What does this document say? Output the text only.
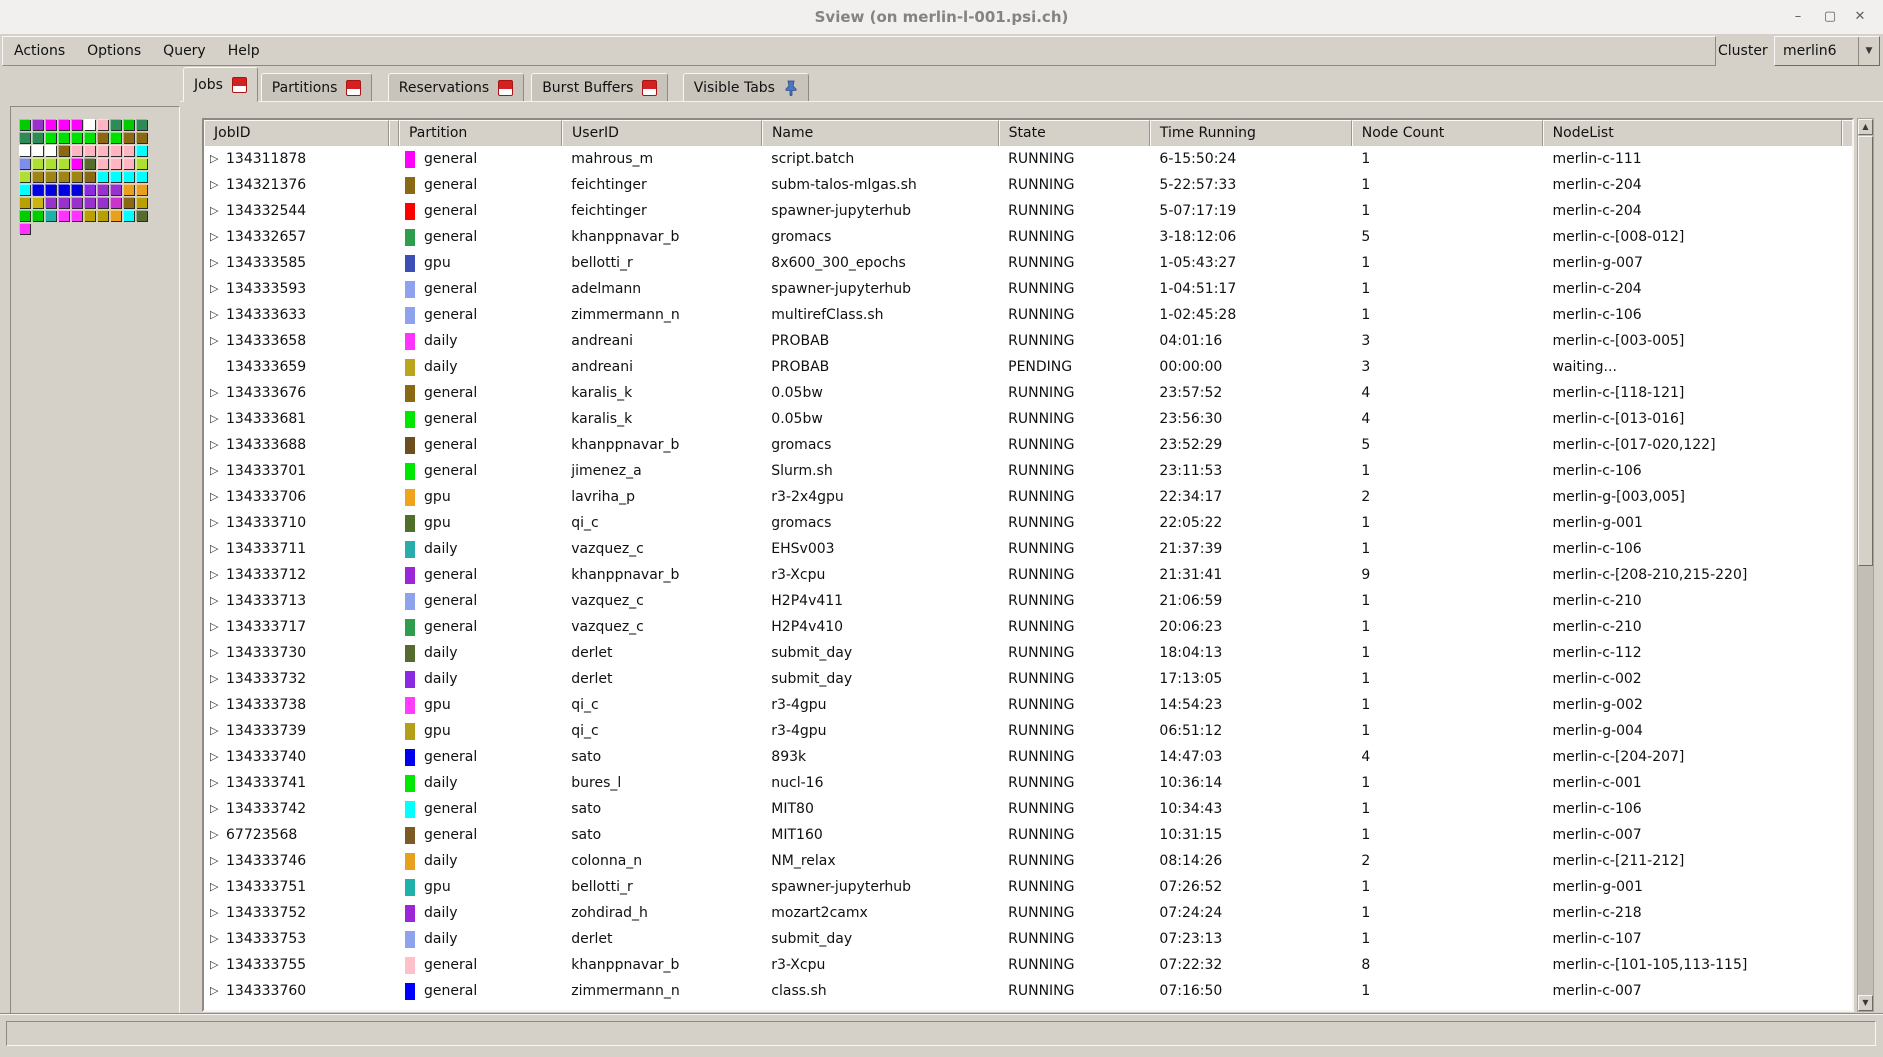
Sview (on merlin-l-001.psi.ch)	–	▢	✕
Actions	Options	Query	Help	Cluster	merlin6	▼
Jobs	Partitions	Reservations	Burst Buffers	Visible Tabs
JobID	Partition	UserID	Name	State	Time Running	Node Count	NodeList
▷ 134311878	general	mahrous_m	script.batch	RUNNING	6-15:50:24	1	merlin-c-111
▷ 134321376	general	feichtinger	subm-talos-mlgas.sh	RUNNING	5-22:57:33	1	merlin-c-204
▷ 134332544	general	feichtinger	spawner-jupyterhub	RUNNING	5-07:17:19	1	merlin-c-204
▷ 134332657	general	khanppnavar_b	gromacs	RUNNING	3-18:12:06	5	merlin-c-[008-012]
▷ 134333585	gpu	bellotti_r	8x600_300_epochs	RUNNING	1-05:43:27	1	merlin-g-007
▷ 134333593	general	adelmann	spawner-jupyterhub	RUNNING	1-04:51:17	1	merlin-c-204
▷ 134333633	general	zimmermann_n	multirefClass.sh	RUNNING	1-02:45:28	1	merlin-c-106
▷ 134333658	daily	andreani	PROBAB	RUNNING	04:01:16	3	merlin-c-[003-005]
134333659	daily	andreani	PROBAB	PENDING	00:00:00	3	waiting...
▷ 134333676	general	karalis_k	0.05bw	RUNNING	23:57:52	4	merlin-c-[118-121]
▷ 134333681	general	karalis_k	0.05bw	RUNNING	23:56:30	4	merlin-c-[013-016]
▷ 134333688	general	khanppnavar_b	gromacs	RUNNING	23:52:29	5	merlin-c-[017-020,122]
▷ 134333701	general	jimenez_a	Slurm.sh	RUNNING	23:11:53	1	merlin-c-106
▷ 134333706	gpu	lavriha_p	r3-2x4gpu	RUNNING	22:34:17	2	merlin-g-[003,005]
▷ 134333710	gpu	qi_c	gromacs	RUNNING	22:05:22	1	merlin-g-001
▷ 134333711	daily	vazquez_c	EHSv003	RUNNING	21:37:39	1	merlin-c-106
▷ 134333712	general	khanppnavar_b	r3-Xcpu	RUNNING	21:31:41	9	merlin-c-[208-210,215-220]
▷ 134333713	general	vazquez_c	H2P4v411	RUNNING	21:06:59	1	merlin-c-210
▷ 134333717	general	vazquez_c	H2P4v410	RUNNING	20:06:23	1	merlin-c-210
▷ 134333730	daily	derlet	submit_day	RUNNING	18:04:13	1	merlin-c-112
▷ 134333732	daily	derlet	submit_day	RUNNING	17:13:05	1	merlin-c-002
▷ 134333738	gpu	qi_c	r3-4gpu	RUNNING	14:54:23	1	merlin-g-002
▷ 134333739	gpu	qi_c	r3-4gpu	RUNNING	06:51:12	1	merlin-g-004
▷ 134333740	general	sato	893k	RUNNING	14:47:03	4	merlin-c-[204-207]
▷ 134333741	daily	bures_l	nucl-16	RUNNING	10:36:14	1	merlin-c-001
▷ 134333742	general	sato	MIT80	RUNNING	10:34:43	1	merlin-c-106
▷ 67723568	general	sato	MIT160	RUNNING	10:31:15	1	merlin-c-007
▷ 134333746	daily	colonna_n	NM_relax	RUNNING	08:14:26	2	merlin-c-[211-212]
▷ 134333751	gpu	bellotti_r	spawner-jupyterhub	RUNNING	07:26:52	1	merlin-g-001
▷ 134333752	daily	zohdirad_h	mozart2camx	RUNNING	07:24:24	1	merlin-c-218
▷ 134333753	daily	derlet	submit_day	RUNNING	07:23:13	1	merlin-c-107
▷ 134333755	general	khanppnavar_b	r3-Xcpu	RUNNING	07:22:32	8	merlin-c-[101-105,113-115]
▷ 134333760	general	zimmermann_n	class.sh	RUNNING	07:16:50	1	merlin-c-007
▲
▼
